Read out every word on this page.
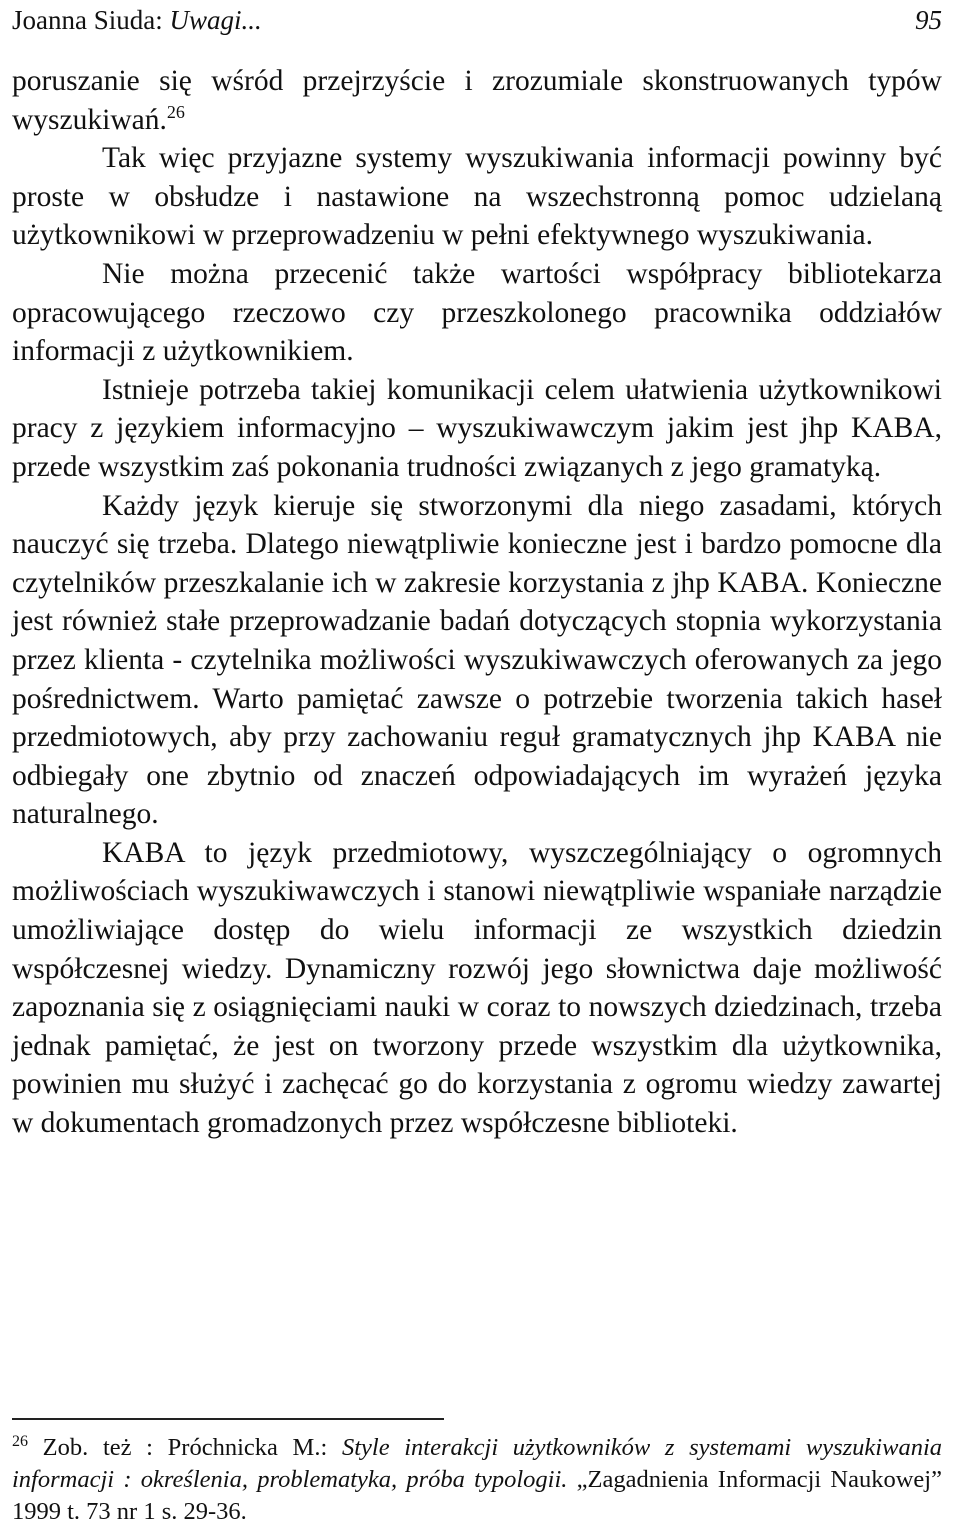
Joanna Siuda: Uwagi...	95

poruszanie się wśród przejrzyście i zrozumiale skonstruowanych typów wyszukiwań.$^{26}$

Tak więc przyjazne systemy wyszukiwania informacji powinny być proste w obsłudze i nastawione na wszechstronną pomoc udzielaną użytkownikowi w przeprowadzeniu w pełni efektywnego wyszukiwania.

Nie można przecenić także wartości współpracy bibliotekarza opracowującego rzeczowo czy przeszkolonego pracownika oddziałów informacji z użytkownikiem.

Istnieje potrzeba takiej komunikacji celem ułatwienia użytkownikowi pracy z językiem informacyjno – wyszukiwawczym jakim jest jhp KABA, przede wszystkim zaś pokonania trudności związanych z jego gramatyką.

Każdy język kieruje się stworzonymi dla niego zasadami, których nauczyć się trzeba. Dlatego niewątpliwie konieczne jest i bardzo pomocne dla czytelników przeszkalanie ich w zakresie korzystania z jhp KABA. Konieczne jest również stałe przeprowadzanie badań dotyczących stopnia wykorzystania przez klienta - czytelnika możliwości wyszukiwawczych oferowanych za jego pośrednictwem. Warto pamiętać zawsze o potrzebie tworzenia takich haseł przedmiotowych, aby przy zachowaniu reguł gramatycznych jhp KABA nie odbiegały one zbytnio od znaczeń odpowiadających im wyrażeń języka naturalnego.

KABA to język przedmiotowy, wyszczególniający o ogromnych możliwościach wyszukiwawczych i stanowi niewątpliwie wspaniałe narządzie umożliwiające dostęp do wielu informacji ze wszystkich dziedzin współczesnej wiedzy. Dynamiczny rozwój jego słownictwa daje możliwość zapoznania się z osiągnięciami nauki w coraz to nowszych dziedzinach, trzeba jednak pamiętać, że jest on tworzony przede wszystkim dla użytkownika, powinien mu służyć i zachęcać go do korzystania z ogromu wiedzy zawartej w dokumentach gromadzonych przez współczesne biblioteki.

$^{26}$ Zob. też : Próchnicka M.: Style interakcji użytkowników z systemami wyszukiwania informacji : określenia, problematyka, próba typologii. „Zagadnienia Informacji Naukowej” 1999 t. 73 nr 1 s. 29-36.
